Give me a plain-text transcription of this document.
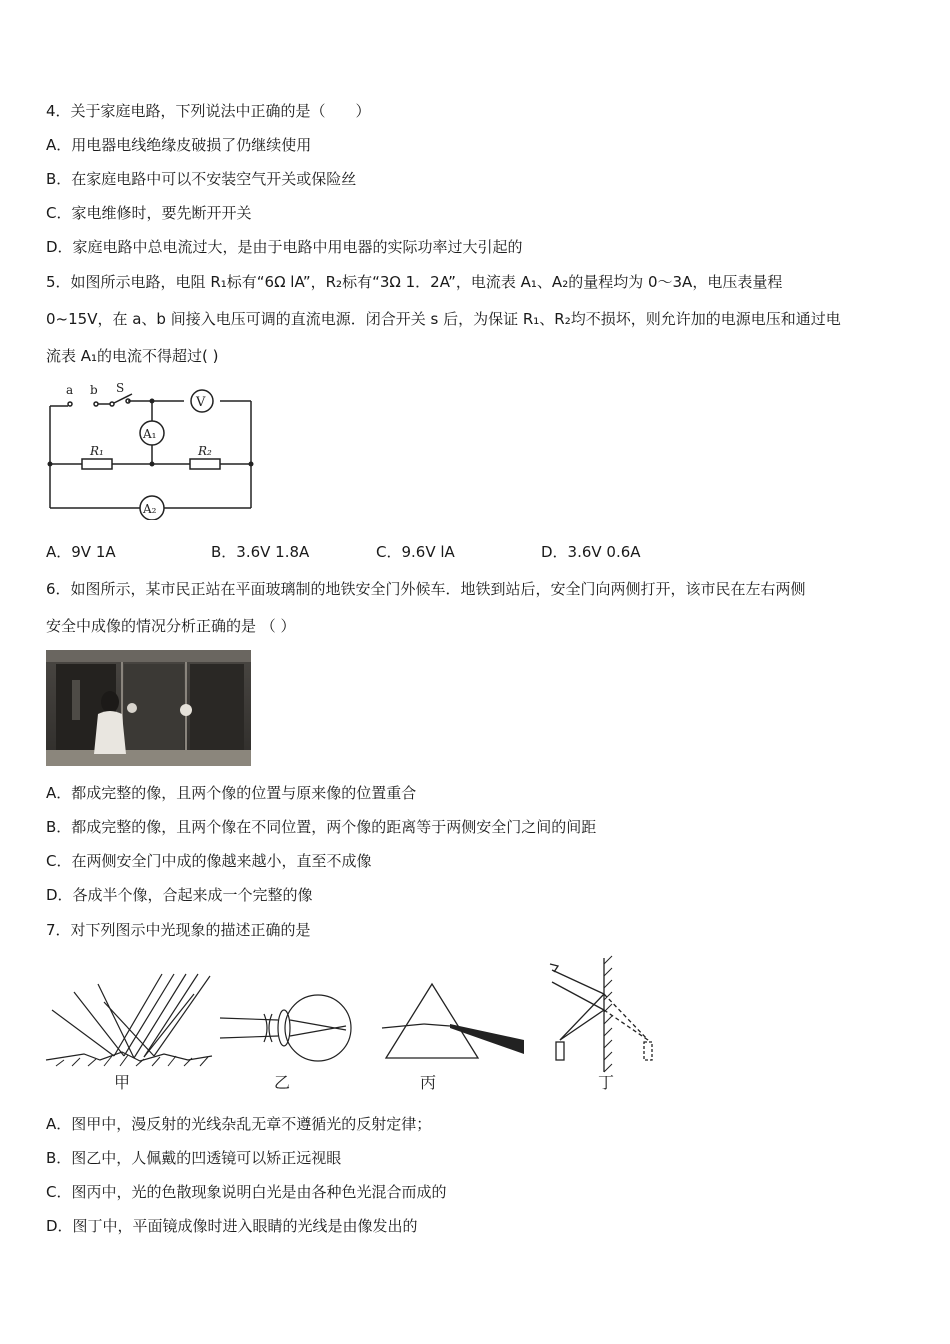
4．关于家庭电路，下列说法中正确的是（　　）
A．用电器电线绝缘皮破损了仍继续使用
B．在家庭电路中可以不安装空气开关或保险丝
C．家电维修时，要先断开开关
D．家庭电路中总电流过大，是由于电路中用电器的实际功率过大引起的
5．如图所示电路，电阻 R₁标有“6Ω lA”，R₂标有“3Ω 1．2A”，电流表 A₁、A₂的量程均为 0～3A，电压表量程
0~15V，在 a、b 间接入电压可调的直流电源．闭合开关 s 后，为保证 R₁、R₂均不损坏，则允许加的电源电压和通过电
流表 A₁的电流不得超过( )
a b S
V
A₁
A₂
R₁	R₂
A．9V 1A	B．3.6V 1.8A	C．9.6V lA	D．3.6V 0.6A
6．如图所示，某市民正站在平面玻璃制的地铁安全门外候车．地铁到站后，安全门向两侧打开，该市民在左右两侧
安全中成像的情况分析正确的是 （ ）
A．都成完整的像，且两个像的位置与原来像的位置重合
B．都成完整的像，且两个像在不同位置，两个像的距离等于两侧安全门之间的间距
C．在两侧安全门中成的像越来越小，直至不成像
D．各成半个像，合起来成一个完整的像
7．对下列图示中光现象的描述正确的是
甲	乙	丙	丁
A．图甲中，漫反射的光线杂乱无章不遵循光的反射定律；
B．图乙中，人佩戴的凹透镜可以矫正远视眼
C．图丙中，光的色散现象说明白光是由各种色光混合而成的
D．图丁中，平面镜成像时进入眼睛的光线是由像发出的
